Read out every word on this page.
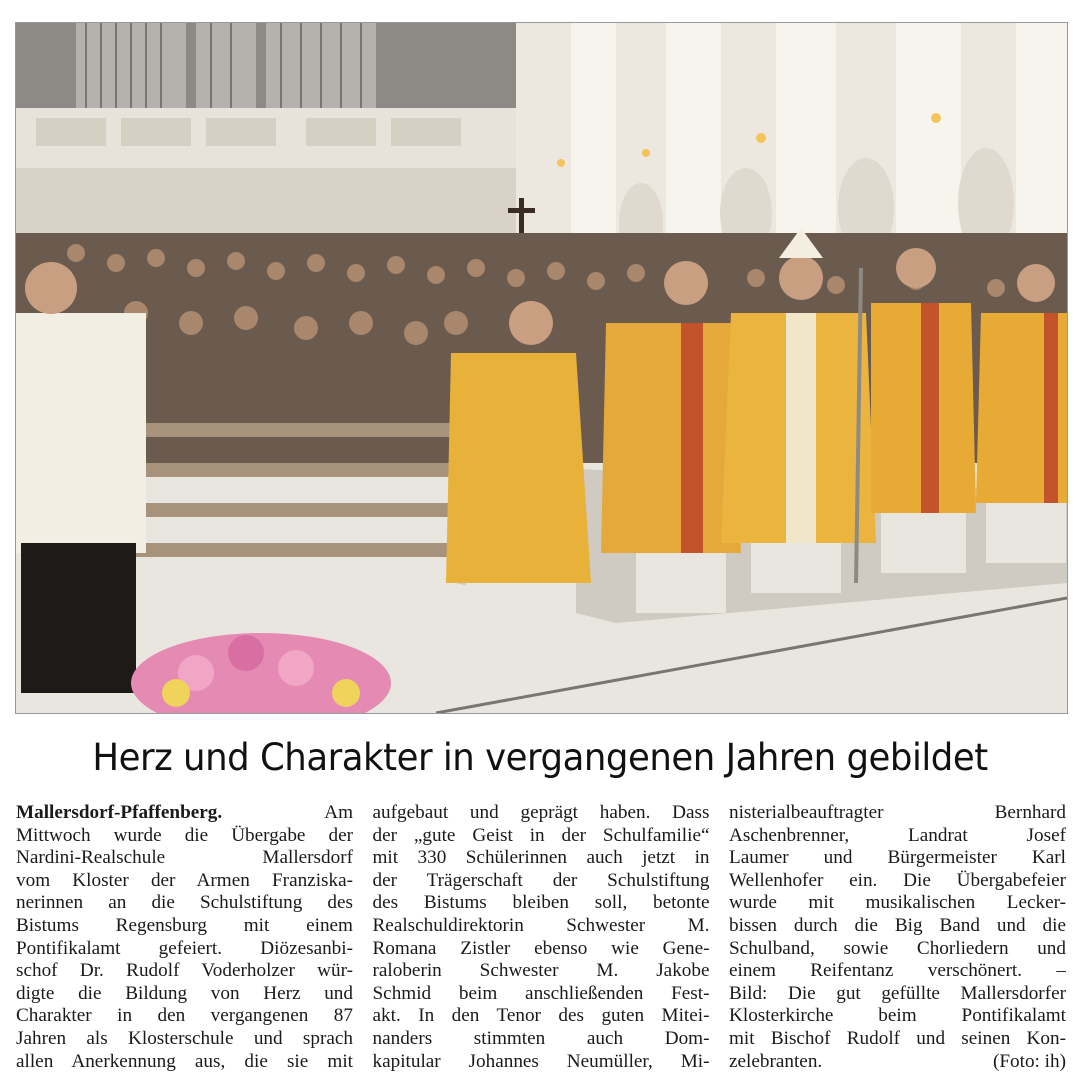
Herz und Charakter in vergangenen Jahren gebildet
Mallersdorf-Pfaffenberg. Am
Mittwoch wurde die Übergabe der
Nardini-Realschule Mallersdorf
vom Kloster der Armen Franziska-
nerinnen an die Schulstiftung des
Bistums Regensburg mit einem
Pontifikalamt gefeiert. Diözesanbi-
schof Dr. Rudolf Voderholzer wür-
digte die Bildung von Herz und
Charakter in den vergangenen 87
Jahren als Klosterschule und sprach
allen Anerkennung aus, die sie mit
aufgebaut und geprägt haben. Dass
der „gute Geist in der Schulfamilie“
mit 330 Schülerinnen auch jetzt in
der Trägerschaft der Schulstiftung
des Bistums bleiben soll, betonte
Realschuldirektorin Schwester M.
Romana Zistler ebenso wie Gene-
raloberin Schwester M. Jakobe
Schmid beim anschließenden Fest-
akt. In den Tenor des guten Mitei-
nanders stimmten auch Dom-
kapitular Johannes Neumüller, Mi-
nisterialbeauftragter Bernhard
Aschenbrenner, Landrat Josef
Laumer und Bürgermeister Karl
Wellenhofer ein. Die Übergabefeier
wurde mit musikalischen Lecker-
bissen durch die Big Band und die
Schulband, sowie Chorliedern und
einem Reifentanz verschönert. –
Bild: Die gut gefüllte Mallersdorfer
Klosterkirche beim Pontifikalamt
mit Bischof Rudolf und seinen Kon-
zelebranten.	(Foto: ih)
